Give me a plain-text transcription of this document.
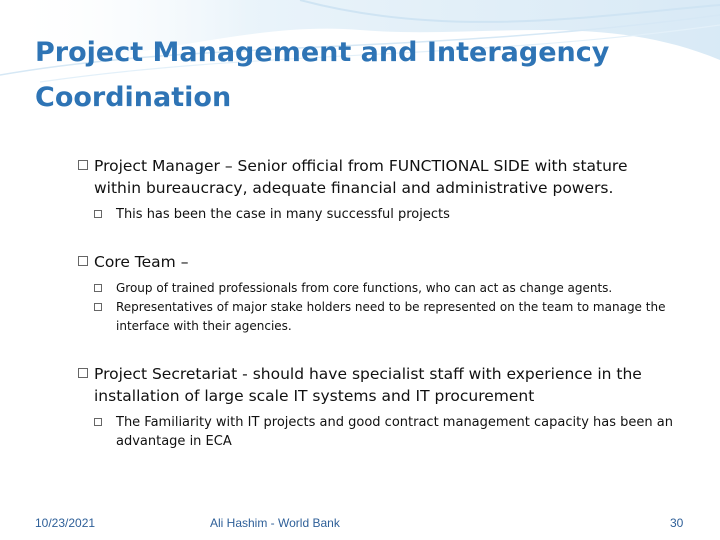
Project Management and Interagency Coordination
Project Manager – Senior official from FUNCTIONAL SIDE with stature within bureaucracy, adequate financial and administrative powers.
This has been the case in many successful projects
Core Team –
Group of trained professionals from core functions, who can act as change agents.
Representatives of major stake holders need to be represented on the team to manage the interface with their agencies.
Project Secretariat - should have specialist staff with experience in the installation of large scale IT systems and IT procurement
The Familiarity with IT projects and good contract management capacity has been an advantage in ECA
10/23/2021	Ali Hashim - World Bank	30
